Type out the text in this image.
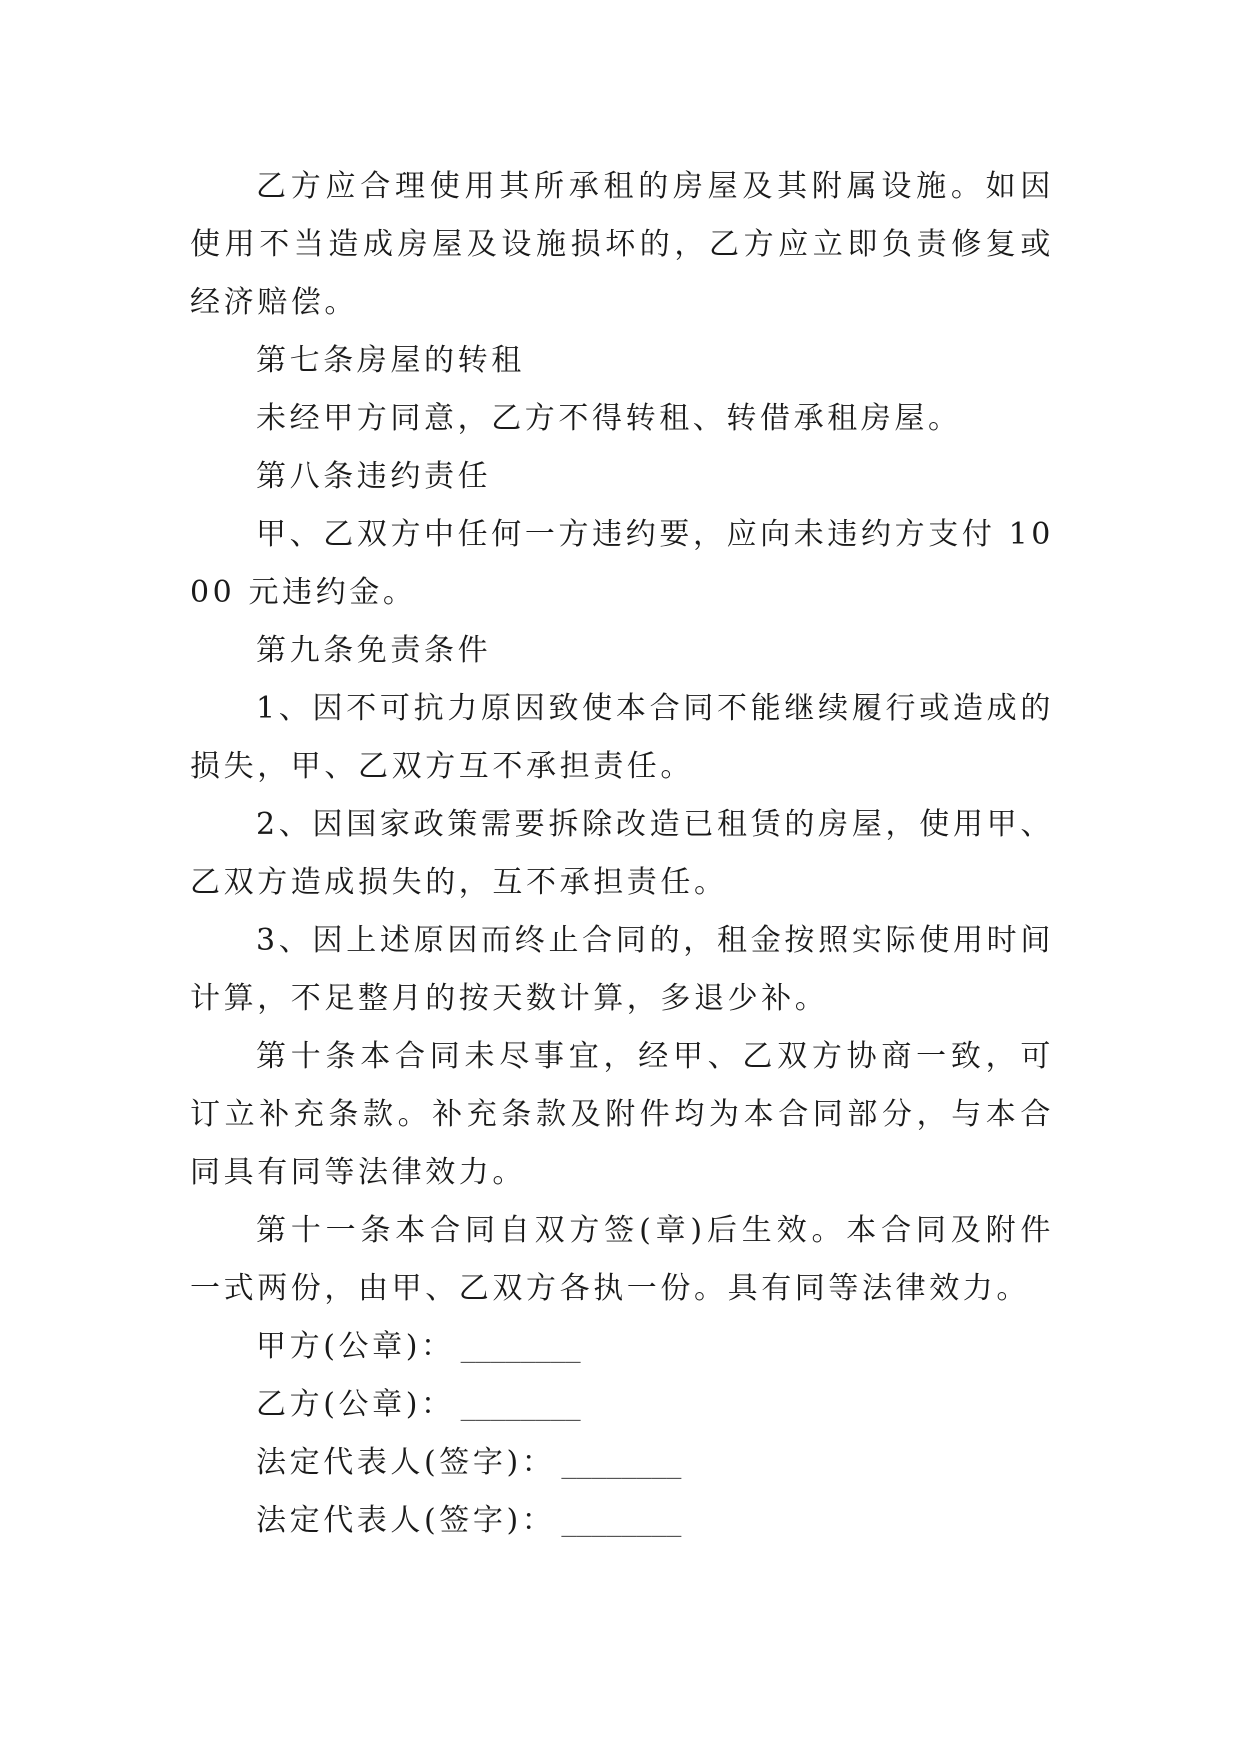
乙方应合理使用其所承租的房屋及其附属设施。如因使用不当造成房屋及设施损坏的，乙方应立即负责修复或经济赔偿。

第七条房屋的转租

未经甲方同意，乙方不得转租、转借承租房屋。

第八条违约责任

甲、乙双方中任何一方违约要，应向未违约方支付 1000 元违约金。

第九条免责条件

1、因不可抗力原因致使本合同不能继续履行或造成的损失，甲、乙双方互不承担责任。

2、因国家政策需要拆除改造已租赁的房屋，使用甲、乙双方造成损失的，互不承担责任。

3、因上述原因而终止合同的，租金按照实际使用时间计算，不足整月的按天数计算，多退少补。

第十条本合同未尽事宜，经甲、乙双方协商一致，可订立补充条款。补充条款及附件均为本合同部分，与本合同具有同等法律效力。

第十一条本合同自双方签(章)后生效。本合同及附件一式两份，由甲、乙双方各执一份。具有同等法律效力。

甲方(公章)： ________

乙方(公章)： ________

法定代表人(签字)： ________

法定代表人(签字)： ________
